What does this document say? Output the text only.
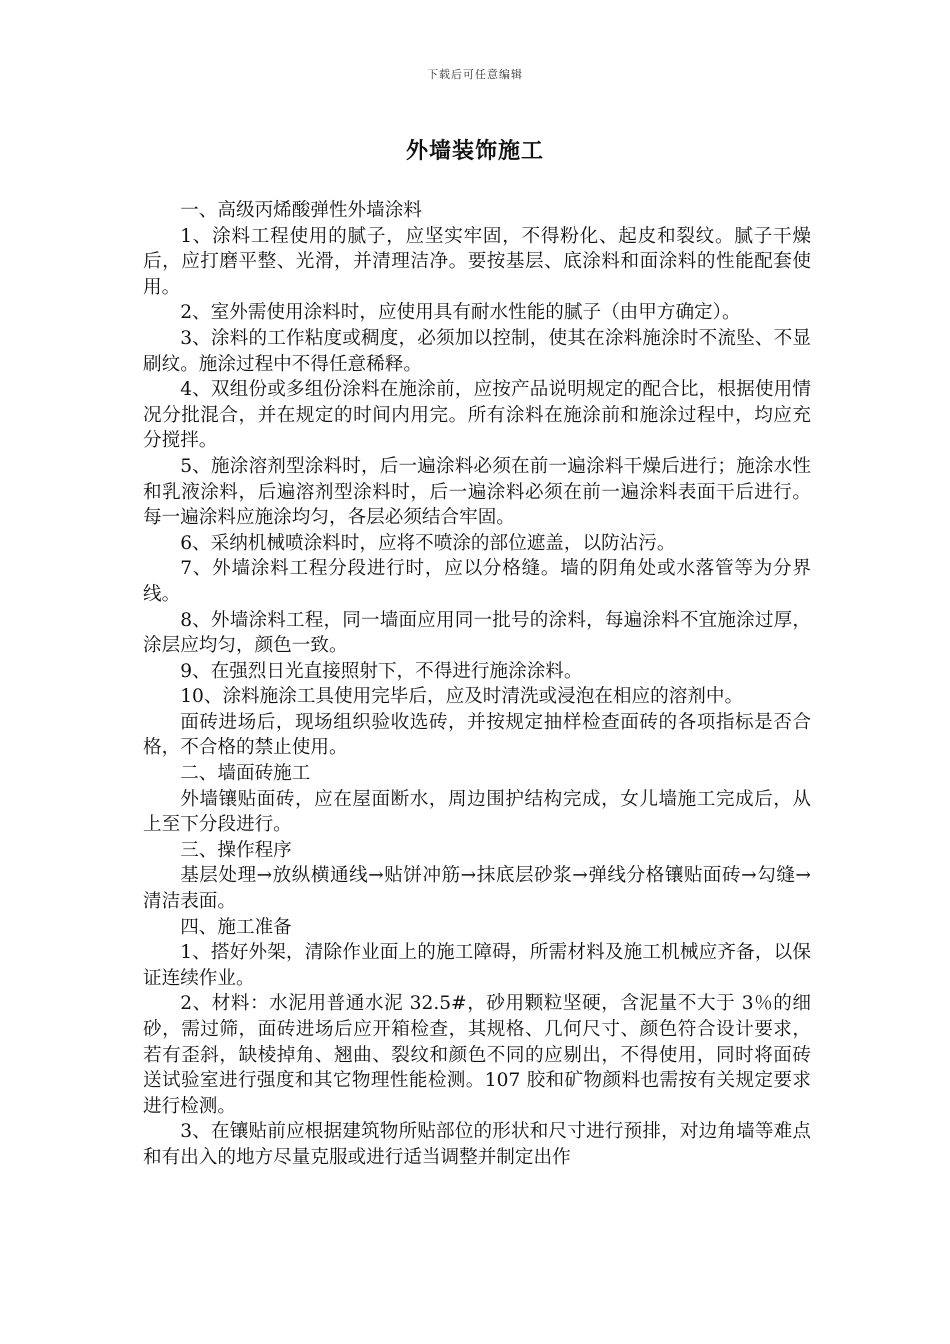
下载后可任意编辑
外墙装饰施工

一、高级丙烯酸弹性外墙涂料

1、涂料工程使用的腻子，应坚实牢固，不得粉化、起皮和裂纹。腻子干燥后，应打磨平整、光滑，并清理洁净。要按基层、底涂料和面涂料的性能配套使用。

2、室外需使用涂料时，应使用具有耐水性能的腻子（由甲方确定）。

3、涂料的工作粘度或稠度，必须加以控制，使其在涂料施涂时不流坠、不显刷纹。施涂过程中不得任意稀释。

4、双组份或多组份涂料在施涂前，应按产品说明规定的配合比，根据使用情况分批混合，并在规定的时间内用完。所有涂料在施涂前和施涂过程中，均应充分搅拌。

5、施涂溶剂型涂料时，后一遍涂料必须在前一遍涂料干燥后进行；施涂水性和乳液涂料，后遍溶剂型涂料时，后一遍涂料必须在前一遍涂料表面干后进行。每一遍涂料应施涂均匀，各层必须结合牢固。

6、采纳机械喷涂料时，应将不喷涂的部位遮盖，以防沾污。

7、外墙涂料工程分段进行时，应以分格缝。墙的阴角处或水落管等为分界线。

8、外墙涂料工程，同一墙面应用同一批号的涂料，每遍涂料不宜施涂过厚，涂层应均匀，颜色一致。

9、在强烈日光直接照射下，不得进行施涂涂料。

10、涂料施涂工具使用完毕后，应及时清洗或浸泡在相应的溶剂中。

面砖进场后，现场组织验收选砖，并按规定抽样检查面砖的各项指标是否合格，不合格的禁止使用。

二、墙面砖施工

外墙镶贴面砖，应在屋面断水，周边围护结构完成，女儿墙施工完成后，从上至下分段进行。

三、操作程序

基层处理→放纵横通线→贴饼冲筋→抹底层砂浆→弹线分格镶贴面砖→勾缝→清洁表面。

四、施工准备

1、搭好外架，清除作业面上的施工障碍，所需材料及施工机械应齐备，以保证连续作业。

2、材料：水泥用普通水泥 32.5#，砂用颗粒坚硬，含泥量不大于 3％的细砂，需过筛，面砖进场后应开箱检查，其规格、几何尺寸、颜色符合设计要求，若有歪斜，缺棱掉角、翘曲、裂纹和颜色不同的应剔出，不得使用，同时将面砖送试验室进行强度和其它物理性能检测。107 胶和矿物颜料也需按有关规定要求进行检测。

3、在镶贴前应根据建筑物所贴部位的形状和尺寸进行预排，对边角墙等难点和有出入的地方尽量克服或进行适当调整并制定出作
